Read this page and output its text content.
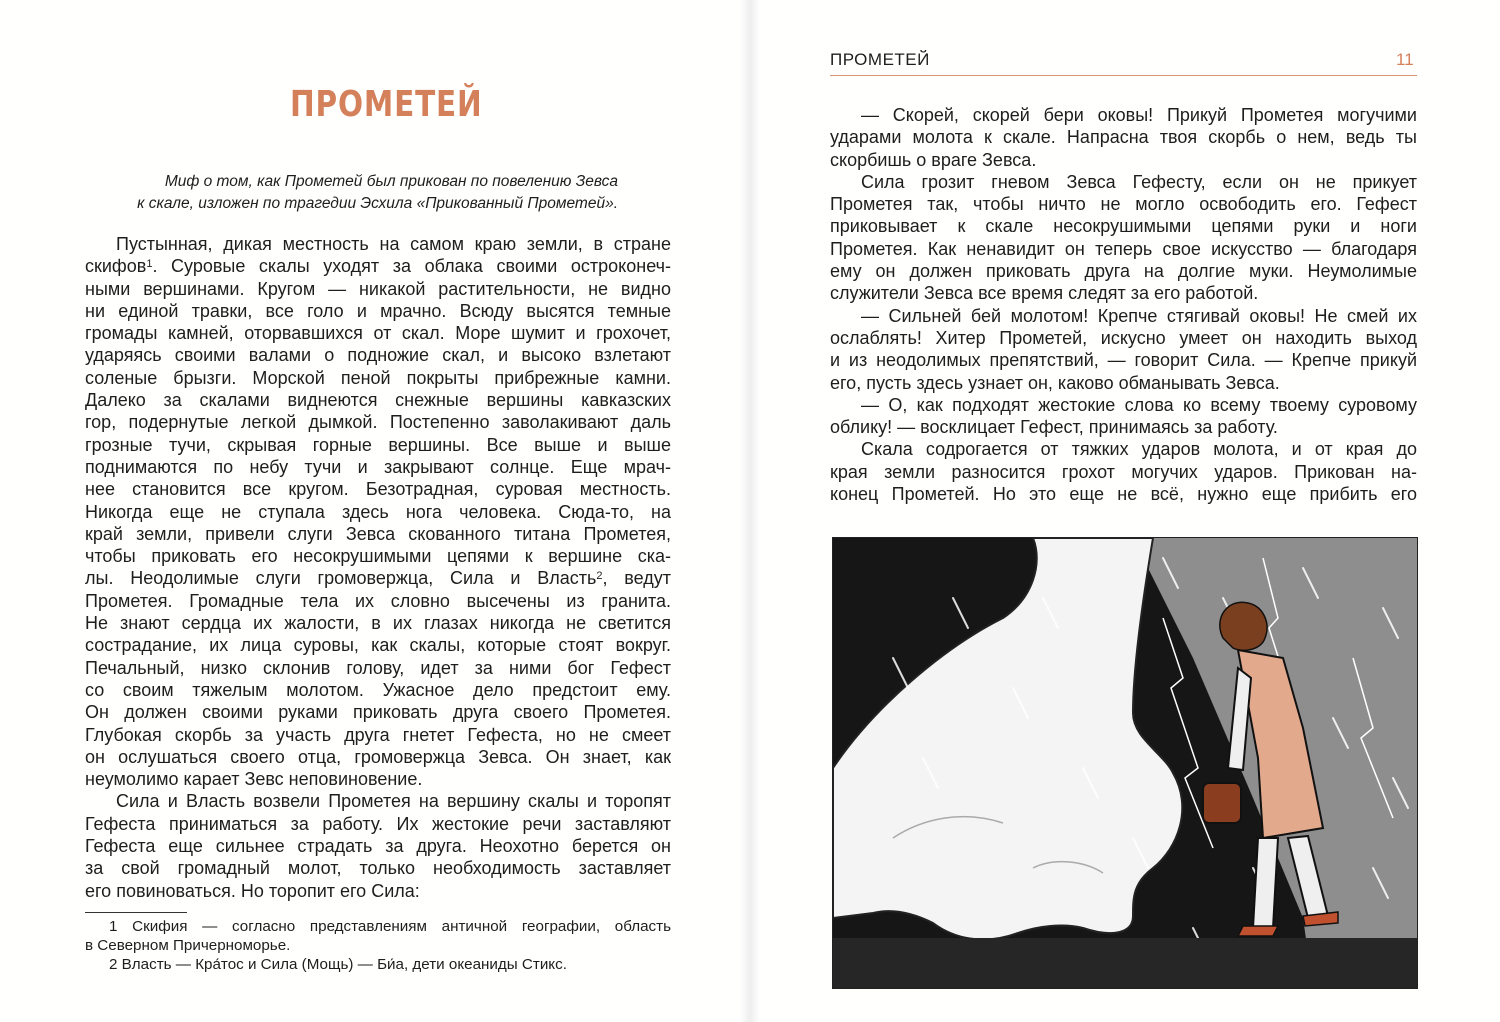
ПРОМЕТЕЙ
Миф о том, как Прометей был прикован по повелению Зевса
к скале, изложен по трагедии Эсхила «Прикованный Прометей».
Пустынная, дикая местность на самом краю земли, в стране
скифов$^1$. Суровые скалы уходят за облака своими остроконеч-
ными вершинами. Кругом — никакой растительности, не видно
ни единой травки, все голо и мрачно. Всюду высятся темные
громады камней, оторвавшихся от скал. Море шумит и грохочет,
ударяясь своими валами о подножие скал, и высоко взлетают
соленые брызги. Морской пеной покрыты прибрежные камни.
Далеко за скалами виднеются снежные вершины кавказских
гор, подернутые легкой дымкой. Постепенно заволакивают даль
грозные тучи, скрывая горные вершины. Все выше и выше
поднимаются по небу тучи и закрывают солнце. Еще мрач-
нее становится все кругом. Безотрадная, суровая местность.
Никогда еще не ступала здесь нога человека. Сюда-то, на
край земли, привели слуги Зевса скованного титана Прометея,
чтобы приковать его несокрушимыми цепями к вершине ска-
лы. Неодолимые слуги громовержца, Сила и Власть$^2$, ведут
Прометея. Громадные тела их словно высечены из гранита.
Не знают сердца их жалости, в их глазах никогда не светится
сострадание, их лица суровы, как скалы, которые стоят вокруг.
Печальный, низко склонив голову, идет за ними бог Гефест
со своим тяжелым молотом. Ужасное дело предстоит ему.
Он должен своими руками приковать друга своего Прометея.
Глубокая скорбь за участь друга гнетет Гефеста, но не смеет
он ослушаться своего отца, громовержца Зевса. Он знает, как
неумолимо карает Зевс неповиновение.
Сила и Власть возвели Прометея на вершину скалы и торопят
Гефеста приниматься за работу. Их жестокие речи заставляют
Гефеста еще сильнее страдать за друга. Неохотно берется он
за свой громадный молот, только необходимость заставляет
его повиноваться. Но торопит его Сила:
1 Скифия — согласно представлениям античной географии, область
в Северном Причерноморье.
2 Власть — Кра́тос и Сила (Мощь) — Би́а, дети океаниды Стикс.
ПРОМЕТЕЙ	11
— Скорей, скорей бери оковы! Прикуй Прометея могучими
ударами молота к скале. Напрасна твоя скорбь о нем, ведь ты
скорбишь о враге Зевса.
Сила грозит гневом Зевса Гефесту, если он не прикует
Прометея так, чтобы ничто не могло освободить его. Гефест
приковывает к скале несокрушимыми цепями руки и ноги
Прометея. Как ненавидит он теперь свое искусство — благодаря
ему он должен приковать друга на долгие муки. Неумолимые
служители Зевса все время следят за его работой.
— Сильней бей молотом! Крепче стягивай оковы! Не смей их
ослаблять! Хитер Прометей, искусно умеет он находить выход
и из неодолимых препятствий, — говорит Сила. — Крепче прикуй
его, пусть здесь узнает он, каково обманывать Зевса.
— О, как подходят жестокие слова ко всему твоему суровому
облику! — восклицает Гефест, принимаясь за работу.
Скала содрогается от тяжких ударов молота, и от края до
края земли разносится грохот могучих ударов. Прикован на-
конец Прометей. Но это еще не всё, нужно еще прибить его
